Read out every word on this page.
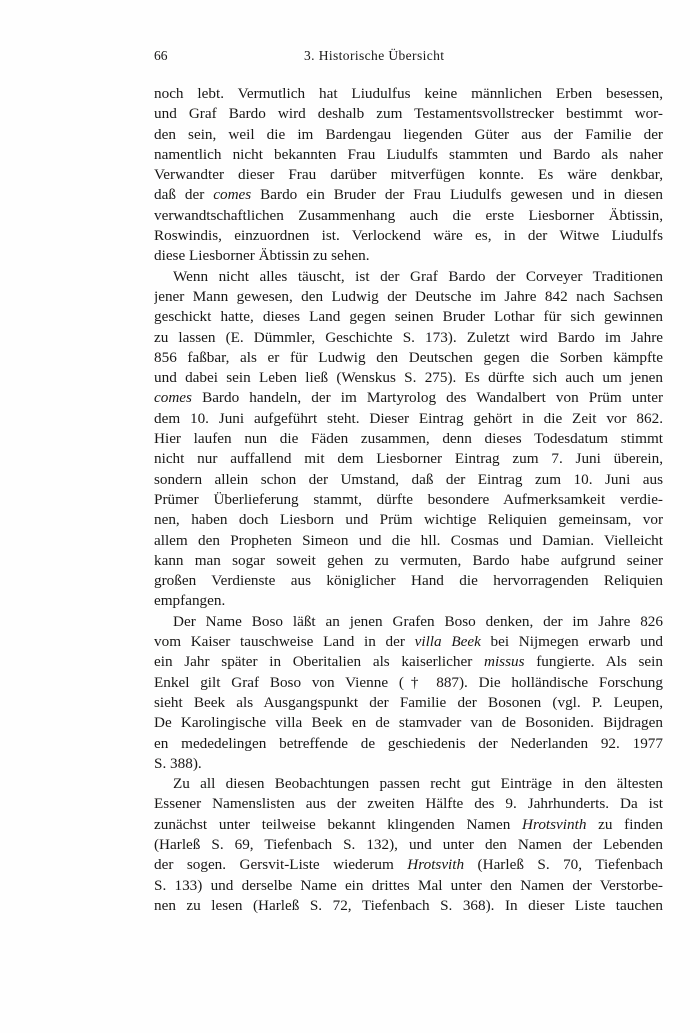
66	3. Historische Übersicht
noch lebt. Vermutlich hat Liudulfus keine männlichen Erben besessen,
und Graf Bardo wird deshalb zum Testamentsvollstrecker bestimmt wor-
den sein, weil die im Bardengau liegenden Güter aus der Familie der
namentlich nicht bekannten Frau Liudulfs stammten und Bardo als naher
Verwandter dieser Frau darüber mitverfügen konnte. Es wäre denkbar,
daß der comes Bardo ein Bruder der Frau Liudulfs gewesen und in diesen
verwandtschaftlichen Zusammenhang auch die erste Liesborner Äbtissin,
Roswindis, einzuordnen ist. Verlockend wäre es, in der Witwe Liudulfs
diese Liesborner Äbtissin zu sehen.
Wenn nicht alles täuscht, ist der Graf Bardo der Corveyer Traditionen
jener Mann gewesen, den Ludwig der Deutsche im Jahre 842 nach Sachsen
geschickt hatte, dieses Land gegen seinen Bruder Lothar für sich gewinnen
zu lassen (E. Dümmler, Geschichte S. 173). Zuletzt wird Bardo im Jahre
856 faßbar, als er für Ludwig den Deutschen gegen die Sorben kämpfte
und dabei sein Leben ließ (Wenskus S. 275). Es dürfte sich auch um jenen
comes Bardo handeln, der im Martyrolog des Wandalbert von Prüm unter
dem 10. Juni aufgeführt steht. Dieser Eintrag gehört in die Zeit vor 862.
Hier laufen nun die Fäden zusammen, denn dieses Todesdatum stimmt
nicht nur auffallend mit dem Liesborner Eintrag zum 7. Juni überein,
sondern allein schon der Umstand, daß der Eintrag zum 10. Juni aus
Prümer Überlieferung stammt, dürfte besondere Aufmerksamkeit verdie-
nen, haben doch Liesborn und Prüm wichtige Reliquien gemeinsam, vor
allem den Propheten Simeon und die hll. Cosmas und Damian. Vielleicht
kann man sogar soweit gehen zu vermuten, Bardo habe aufgrund seiner
großen Verdienste aus königlicher Hand die hervorragenden Reliquien
empfangen.
Der Name Boso läßt an jenen Grafen Boso denken, der im Jahre 826
vom Kaiser tauschweise Land in der villa Beek bei Nijmegen erwarb und
ein Jahr später in Oberitalien als kaiserlicher missus fungierte. Als sein
Enkel gilt Graf Boso von Vienne († 887). Die holländische Forschung
sieht Beek als Ausgangspunkt der Familie der Bosonen (vgl. P. Leupen,
De Karolingische villa Beek en de stamvader van de Bosoniden. Bijdragen
en mededelingen betreffende de geschiedenis der Nederlanden 92. 1977
S. 388).
Zu all diesen Beobachtungen passen recht gut Einträge in den ältesten
Essener Namenslisten aus der zweiten Hälfte des 9. Jahrhunderts. Da ist
zunächst unter teilweise bekannt klingenden Namen Hrotsvinth zu finden
(Harleß S. 69, Tiefenbach S. 132), und unter den Namen der Lebenden
der sogen. Gersvit-Liste wiederum Hrotsvith (Harleß S. 70, Tiefenbach
S. 133) und derselbe Name ein drittes Mal unter den Namen der Verstorbe-
nen zu lesen (Harleß S. 72, Tiefenbach S. 368). In dieser Liste tauchen
